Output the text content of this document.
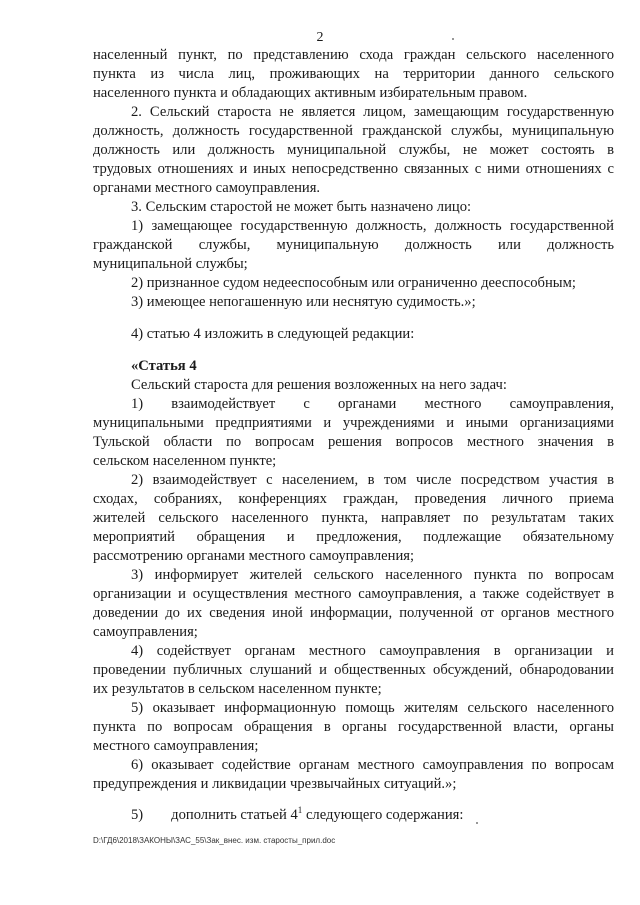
2
населенный пункт, по представлению схода граждан сельского населенного
пункта из числа лиц, проживающих на территории данного сельского
населенного пункта и обладающих активным избирательным правом.
2. Сельский староста не является лицом, замещающим государственную
должность, должность государственной гражданской службы, муниципальную
должность или должность муниципальной службы, не может состоять в
трудовых отношениях и иных непосредственно связанных с ними отношениях с
органами местного самоуправления.
3. Сельским старостой не может быть назначено лицо:
1) замещающее государственную должность, должность государственной
гражданской службы, муниципальную должность или должность
муниципальной службы;
2) признанное судом недееспособным или ограниченно дееспособным;
3) имеющее непогашенную или неснятую судимость.»;
4) статью 4 изложить в следующей редакции:
«Статья 4
Сельский староста для решения возложенных на него задач:
1) взаимодействует с органами местного самоуправления,
муниципальными предприятиями и учреждениями и иными организациями
Тульской области по вопросам решения вопросов местного значения в
сельском населенном пункте;
2) взаимодействует с населением, в том числе посредством участия в
сходах, собраниях, конференциях граждан, проведения личного приема
жителей сельского населенного пункта, направляет по результатам таких
мероприятий обращения и предложения, подлежащие обязательному
рассмотрению органами местного самоуправления;
3) информирует жителей сельского населенного пункта по вопросам
организации и осуществления местного самоуправления, а также содействует в
доведении до их сведения иной информации, полученной от органов местного
самоуправления;
4) содействует органам местного самоуправления в организации и
проведении публичных слушаний и общественных обсуждений, обнародовании
их результатов в сельском населенном пункте;
5) оказывает информационную помощь жителям сельского населенного
пункта по вопросам обращения в органы государственной власти, органы
местного самоуправления;
6) оказывает содействие органам местного самоуправления по вопросам
предупреждения и ликвидации чрезвычайных ситуаций.»;
5) дополнить статьей $4^1$ следующего содержания:
D:\ГД6\2018\ЗАКОНЫ\ЗАС_55\Зак_внес. изм. старосты_прил.doc
